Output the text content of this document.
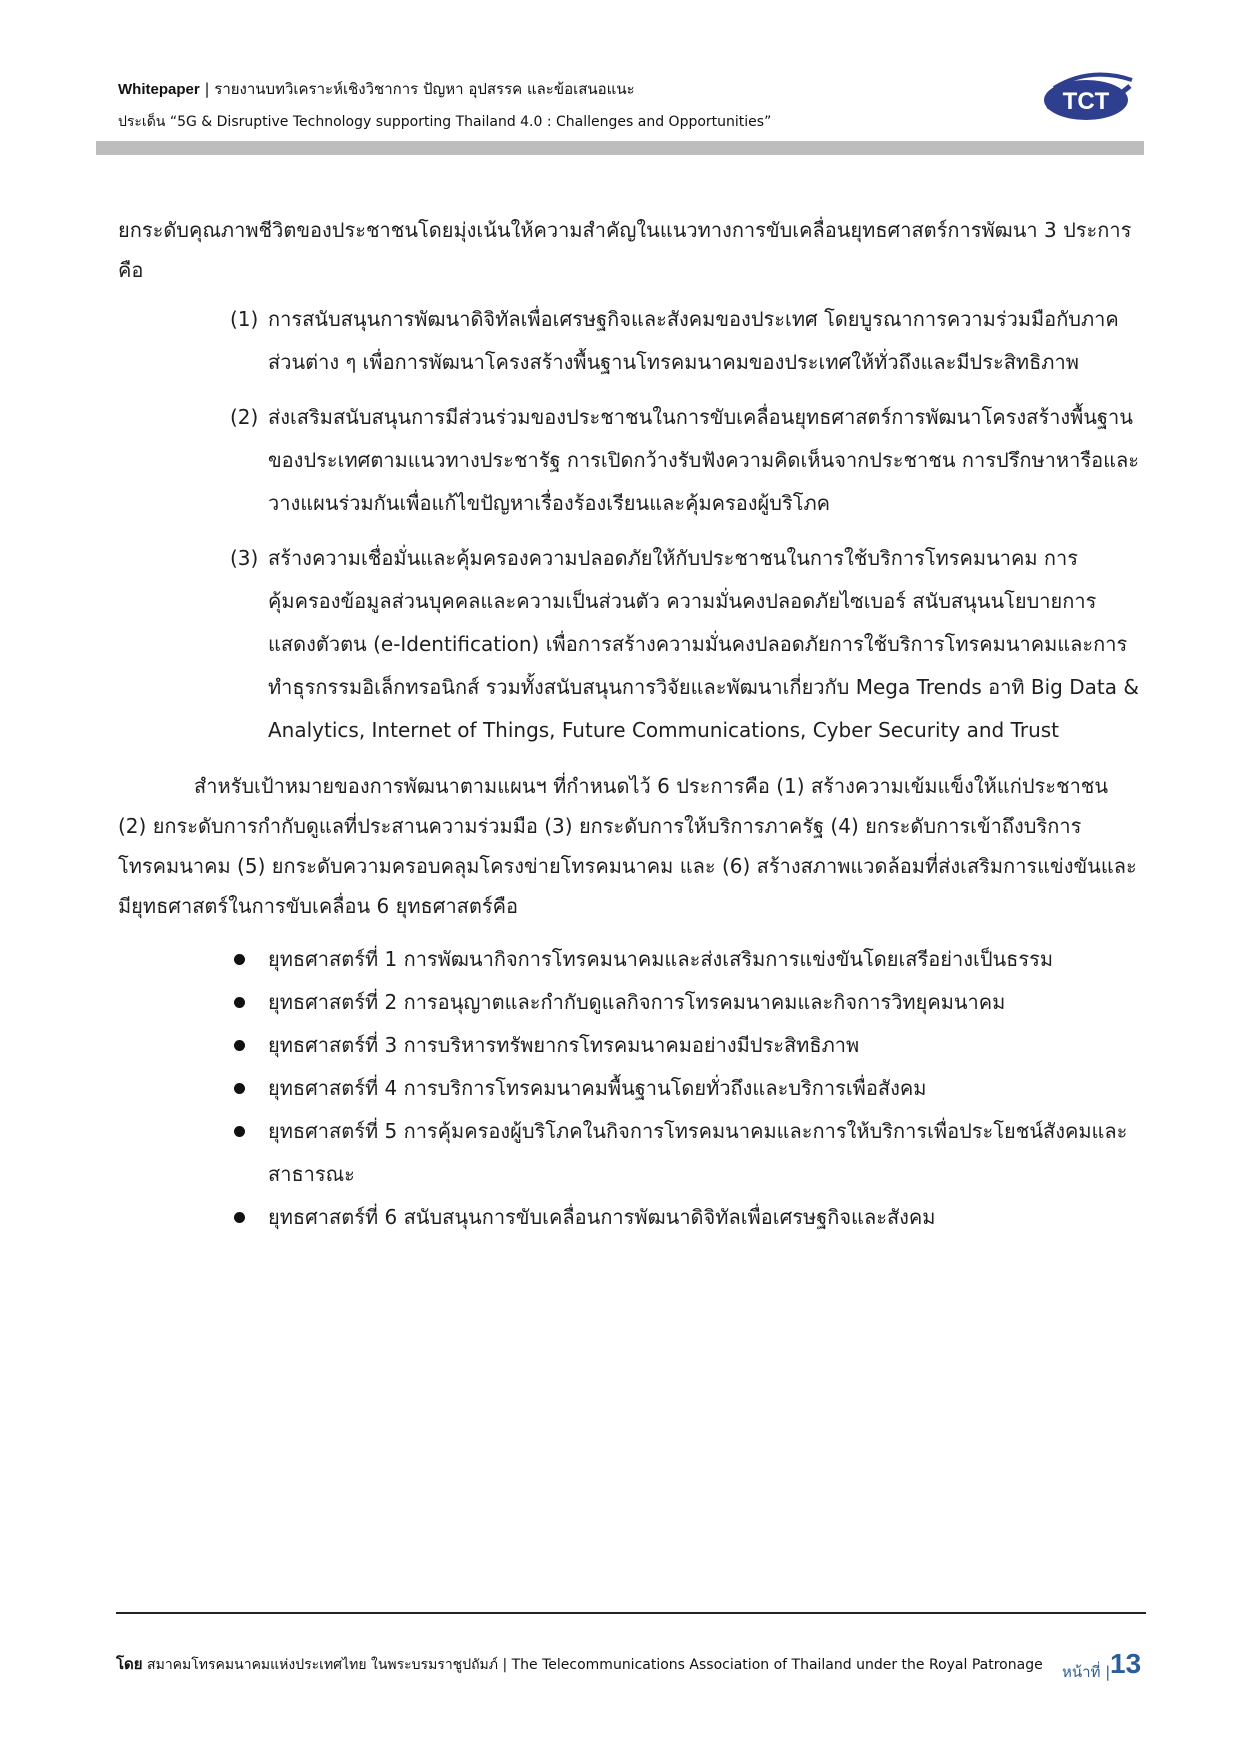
Whitepaper | รายงานบทวิเคราะห์เชิงวิชาการ ปัญหา อุปสรรค และข้อเสนอแนะ
ประเด็น “5G & Disruptive Technology supporting Thailand 4.0 : Challenges and Opportunities”
TCT

ยกระดับคุณภาพชีวิตของประชาชนโดยมุ่งเน้นให้ความสำคัญในแนวทางการขับเคลื่อนยุทธศาสตร์การพัฒนา 3 ประการคือ

(1) การสนับสนุนการพัฒนาดิจิทัลเพื่อเศรษฐกิจและสังคมของประเทศ โดยบูรณาการความร่วมมือกับภาคส่วนต่าง ๆ เพื่อการพัฒนาโครงสร้างพื้นฐานโทรคมนาคมของประเทศให้ทั่วถึงและมีประสิทธิภาพ
(2) ส่งเสริมสนับสนุนการมีส่วนร่วมของประชาชนในการขับเคลื่อนยุทธศาสตร์การพัฒนาโครงสร้างพื้นฐานของประเทศตามแนวทางประชารัฐ การเปิดกว้างรับฟังความคิดเห็นจากประชาชน การปรึกษาหารือและวางแผนร่วมกันเพื่อแก้ไขปัญหาเรื่องร้องเรียนและคุ้มครองผู้บริโภค
(3) สร้างความเชื่อมั่นและคุ้มครองความปลอดภัยให้กับประชาชนในการใช้บริการโทรคมนาคม การคุ้มครองข้อมูลส่วนบุคคลและความเป็นส่วนตัว ความมั่นคงปลอดภัยไซเบอร์ สนับสนุนนโยบายการแสดงตัวตน (e-Identification) เพื่อการสร้างความมั่นคงปลอดภัยการใช้บริการโทรคมนาคมและการทำธุรกรรมอิเล็กทรอนิกส์ รวมทั้งสนับสนุนการวิจัยและพัฒนาเกี่ยวกับ Mega Trends อาทิ Big Data & Analytics, Internet of Things, Future Communications, Cyber Security and Trust

สำหรับเป้าหมายของการพัฒนาตามแผนฯ ที่กำหนดไว้ 6 ประการคือ (1) สร้างความเข้มแข็งให้แก่ประชาชน (2) ยกระดับการกำกับดูแลที่ประสานความร่วมมือ (3) ยกระดับการให้บริการภาครัฐ (4) ยกระดับการเข้าถึงบริการโทรคมนาคม (5) ยกระดับความครอบคลุมโครงข่ายโทรคมนาคม และ (6) สร้างสภาพแวดล้อมที่ส่งเสริมการแข่งขันและมียุทธศาสตร์ในการขับเคลื่อน 6 ยุทธศาสตร์คือ

ยุทธศาสตร์ที่ 1 การพัฒนากิจการโทรคมนาคมและส่งเสริมการแข่งขันโดยเสรีอย่างเป็นธรรม
ยุทธศาสตร์ที่ 2 การอนุญาตและกำกับดูแลกิจการโทรคมนาคมและกิจการวิทยุคมนาคม
ยุทธศาสตร์ที่ 3 การบริหารทรัพยากรโทรคมนาคมอย่างมีประสิทธิภาพ
ยุทธศาสตร์ที่ 4 การบริการโทรคมนาคมพื้นฐานโดยทั่วถึงและบริการเพื่อสังคม
ยุทธศาสตร์ที่ 5 การคุ้มครองผู้บริโภคในกิจการโทรคมนาคมและการให้บริการเพื่อประโยชน์สังคมและสาธารณะ
ยุทธศาสตร์ที่ 6 สนับสนุนการขับเคลื่อนการพัฒนาดิจิทัลเพื่อเศรษฐกิจและสังคม
โดย สมาคมโทรคมนาคมแห่งประเทศไทย ในพระบรมราชูปถัมภ์ | The Telecommunications Association of Thailand under the Royal Patronage	หน้าที่ | 13
